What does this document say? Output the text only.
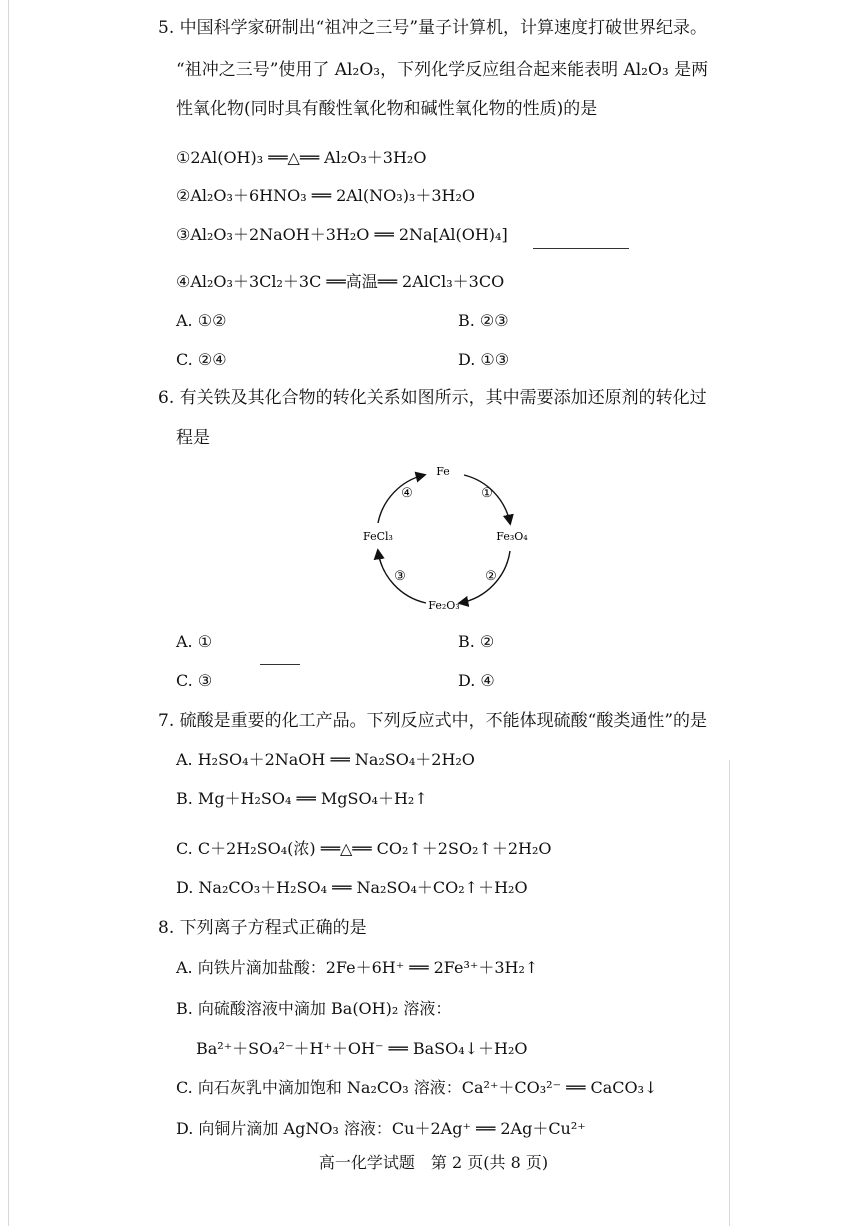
5. 中国科学家研制出“祖冲之三号”量子计算机，计算速度打破世界纪录。
“祖冲之三号”使用了 Al₂O₃，下列化学反应组合起来能表明 Al₂O₃ 是两
性氧化物(同时具有酸性氧化物和碱性氧化物的性质)的是
①2Al(OH)₃ ══△══ Al₂O₃＋3H₂O
②Al₂O₃＋6HNO₃ ══ 2Al(NO₃)₃＋3H₂O
③Al₂O₃＋2NaOH＋3H₂O ══ 2Na[Al(OH)₄]
④Al₂O₃＋3Cl₂＋3C ══高温══ 2AlCl₃＋3CO
A. ①②	B. ②③
C. ②④	D. ①③
6. 有关铁及其化合物的转化关系如图所示，其中需要添加还原剂的转化过
程是
Fe
Fe₃O₄
Fe₂O₃
FeCl₃
①
②
③
④
A. ①	B. ②
C. ③	D. ④
7. 硫酸是重要的化工产品。下列反应式中，不能体现硫酸“酸类通性”的是
A. H₂SO₄＋2NaOH ══ Na₂SO₄＋2H₂O
B. Mg＋H₂SO₄ ══ MgSO₄＋H₂↑
C. C＋2H₂SO₄(浓) ══△══ CO₂↑＋2SO₂↑＋2H₂O
D. Na₂CO₃＋H₂SO₄ ══ Na₂SO₄＋CO₂↑＋H₂O
8. 下列离子方程式正确的是
A. 向铁片滴加盐酸：2Fe＋6H⁺ ══ 2Fe³⁺＋3H₂↑
B. 向硫酸溶液中滴加 Ba(OH)₂ 溶液：
Ba²⁺＋SO₄²⁻＋H⁺＋OH⁻ ══ BaSO₄↓＋H₂O
C. 向石灰乳中滴加饱和 Na₂CO₃ 溶液：Ca²⁺＋CO₃²⁻ ══ CaCO₃↓
D. 向铜片滴加 AgNO₃ 溶液：Cu＋2Ag⁺ ══ 2Ag＋Cu²⁺
高一化学试题　第 2 页(共 8 页)
